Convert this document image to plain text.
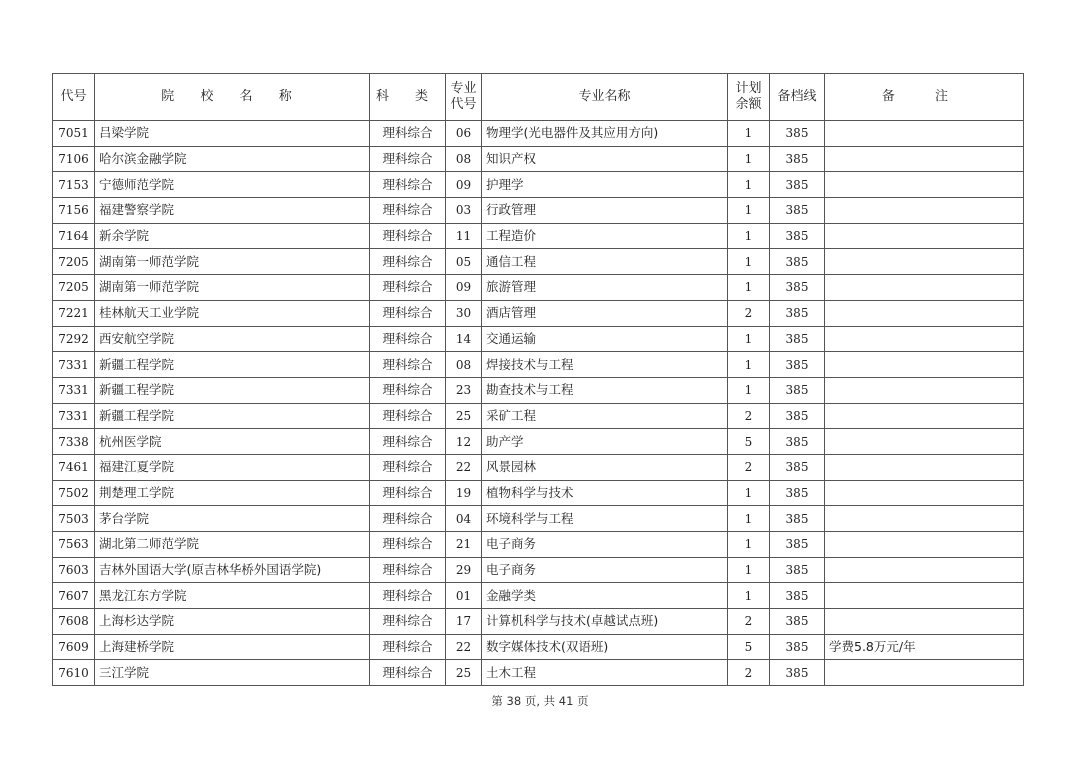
代号	院 校 名 称	科 类	专业代号	专业名称	计划余额	备档线	备 注
7051	吕梁学院	理科综合	06	物理学(光电器件及其应用方向)	1	385	
7106	哈尔滨金融学院	理科综合	08	知识产权	1	385	
7153	宁德师范学院	理科综合	09	护理学	1	385	
7156	福建警察学院	理科综合	03	行政管理	1	385	
7164	新余学院	理科综合	11	工程造价	1	385	
7205	湖南第一师范学院	理科综合	05	通信工程	1	385	
7205	湖南第一师范学院	理科综合	09	旅游管理	1	385	
7221	桂林航天工业学院	理科综合	30	酒店管理	2	385	
7292	西安航空学院	理科综合	14	交通运输	1	385	
7331	新疆工程学院	理科综合	08	焊接技术与工程	1	385	
7331	新疆工程学院	理科综合	23	勘查技术与工程	1	385	
7331	新疆工程学院	理科综合	25	采矿工程	2	385	
7338	杭州医学院	理科综合	12	助产学	5	385	
7461	福建江夏学院	理科综合	22	风景园林	2	385	
7502	荆楚理工学院	理科综合	19	植物科学与技术	1	385	
7503	茅台学院	理科综合	04	环境科学与工程	1	385	
7563	湖北第二师范学院	理科综合	21	电子商务	1	385	
7603	吉林外国语大学(原吉林华桥外国语学院)	理科综合	29	电子商务	1	385	
7607	黑龙江东方学院	理科综合	01	金融学类	1	385	
7608	上海杉达学院	理科综合	17	计算机科学与技术(卓越试点班)	2	385	
7609	上海建桥学院	理科综合	22	数字媒体技术(双语班)	5	385	学费5.8万元/年
7610	三江学院	理科综合	25	土木工程	2	385	
第 38 页, 共 41 页
